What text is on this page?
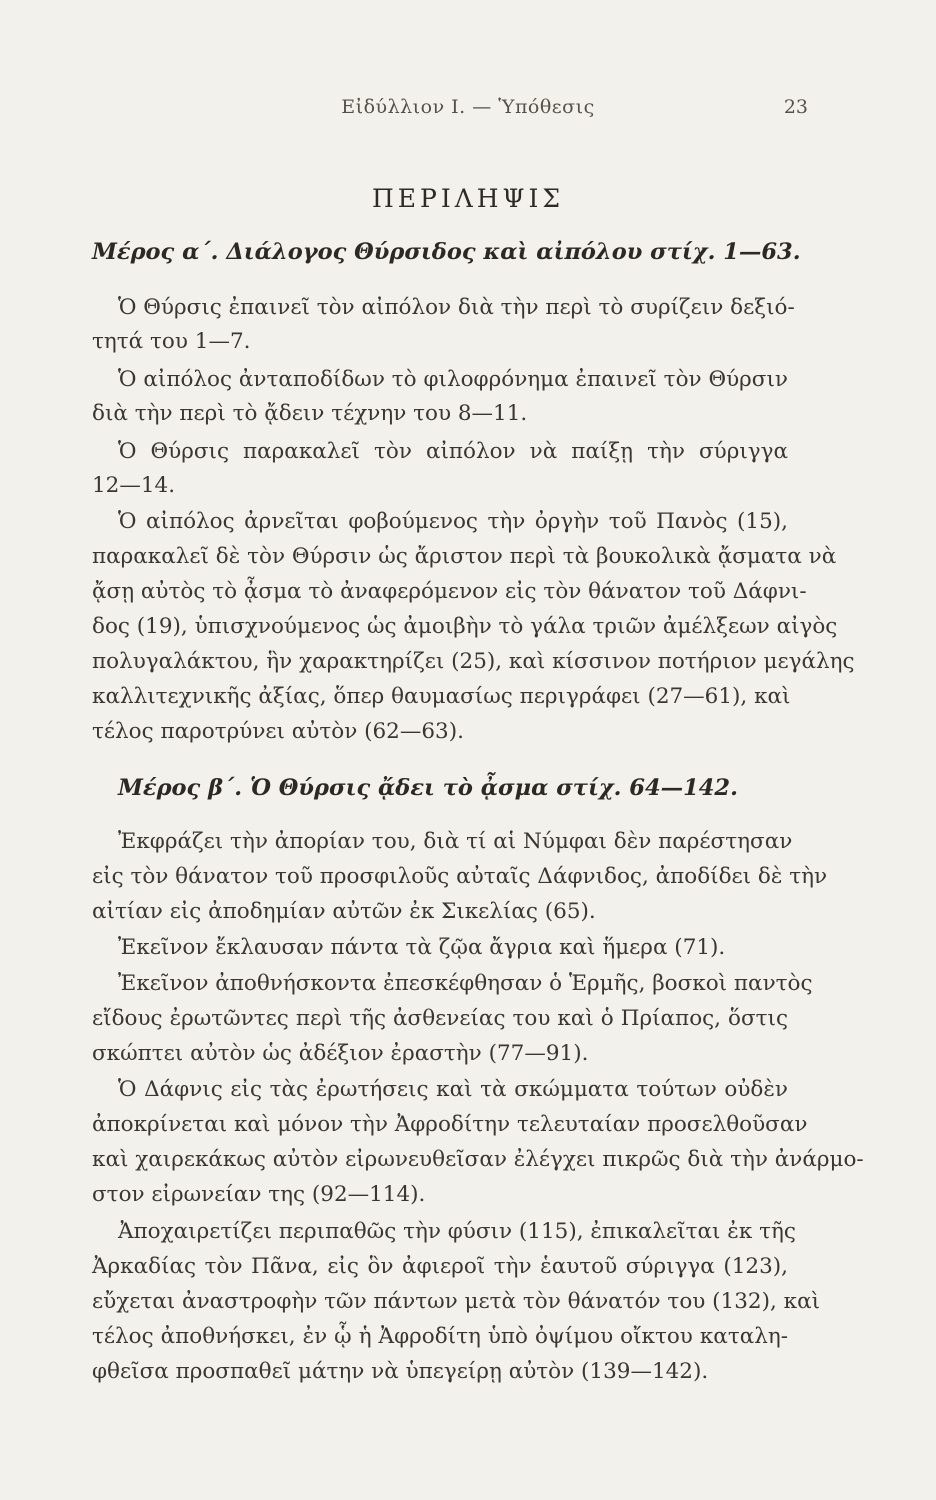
Εἰδύλλιον Ι. — Ὑπόθεσις	23
ΠΕΡΙΛΗΨΙΣ
Μέρος α΄. Διάλογος Θύρσιδος καὶ αἰπόλου στίχ. 1—63.
Ὁ Θύρσις ἐπαινεῖ τὸν αἰπόλον διὰ τὴν περὶ τὸ συρίζειν δεξιό-
τητά του 1—7.
Ὁ αἰπόλος ἀνταποδίδων τὸ φιλοφρόνημα ἐπαινεῖ τὸν Θύρσιν
διὰ τὴν περὶ τὸ ᾄδειν τέχνην του 8—11.
Ὁ Θύρσις παρακαλεῖ τὸν αἰπόλον νὰ παίξῃ τὴν σύριγγα
12—14.
Ὁ αἰπόλος ἀρνεῖται φοβούμενος τὴν ὀργὴν τοῦ Πανὸς (15),
παρακαλεῖ δὲ τὸν Θύρσιν ὡς ἄριστον περὶ τὰ βουκολικὰ ᾄσματα νὰ
ᾄσῃ αὐτὸς τὸ ᾆσμα τὸ ἀναφερόμενον εἰς τὸν θάνατον τοῦ Δάφνι-
δος (19), ὑπισχνούμενος ὡς ἀμοιβὴν τὸ γάλα τριῶν ἀμέλξεων αἰγὸς
πολυγαλάκτου, ἣν χαρακτηρίζει (25), καὶ κίσσινον ποτήριον μεγάλης
καλλιτεχνικῆς ἀξίας, ὅπερ θαυμασίως περιγράφει (27—61), καὶ
τέλος παροτρύνει αὐτὸν (62—63).
Μέρος β΄. Ὁ Θύρσις ᾄδει τὸ ᾆσμα στίχ. 64—142.
Ἐκφράζει τὴν ἀπορίαν του, διὰ τί αἱ Νύμφαι δὲν παρέστησαν
εἰς τὸν θάνατον τοῦ προσφιλοῦς αὐταῖς Δάφνιδος, ἀποδίδει δὲ τὴν
αἰτίαν εἰς ἀποδημίαν αὐτῶν ἐκ Σικελίας (65).
Ἐκεῖνον ἔκλαυσαν πάντα τὰ ζῷα ἄγρια καὶ ἥμερα (71).
Ἐκεῖνον ἀποθνήσκοντα ἐπεσκέφθησαν ὁ Ἑρμῆς, βοσκοὶ παντὸς
εἴδους ἐρωτῶντες περὶ τῆς ἀσθενείας του καὶ ὁ Πρίαπος, ὅστις
σκώπτει αὐτὸν ὡς ἀδέξιον ἐραστὴν (77—91).
Ὁ Δάφνις εἰς τὰς ἐρωτήσεις καὶ τὰ σκώμματα τούτων οὐδὲν
ἀποκρίνεται καὶ μόνον τὴν Ἀφροδίτην τελευταίαν προσελθοῦσαν
καὶ χαιρεκάκως αὐτὸν εἰρωνευθεῖσαν ἐλέγχει πικρῶς διὰ τὴν ἀνάρμο-
στον εἰρωνείαν της (92—114).
Ἀποχαιρετίζει περιπαθῶς τὴν φύσιν (115), ἐπικαλεῖται ἐκ τῆς
Ἀρκαδίας τὸν Πᾶνα, εἰς ὃν ἀφιεροῖ τὴν ἑαυτοῦ σύριγγα (123),
εὔχεται ἀναστροφὴν τῶν πάντων μετὰ τὸν θάνατόν του (132), καὶ
τέλος ἀποθνήσκει, ἐν ᾧ ἡ Ἀφροδίτη ὑπὸ ὀψίμου οἴκτου καταλη-
φθεῖσα προσπαθεῖ μάτην νὰ ὑπεγείρῃ αὐτὸν (139—142).
